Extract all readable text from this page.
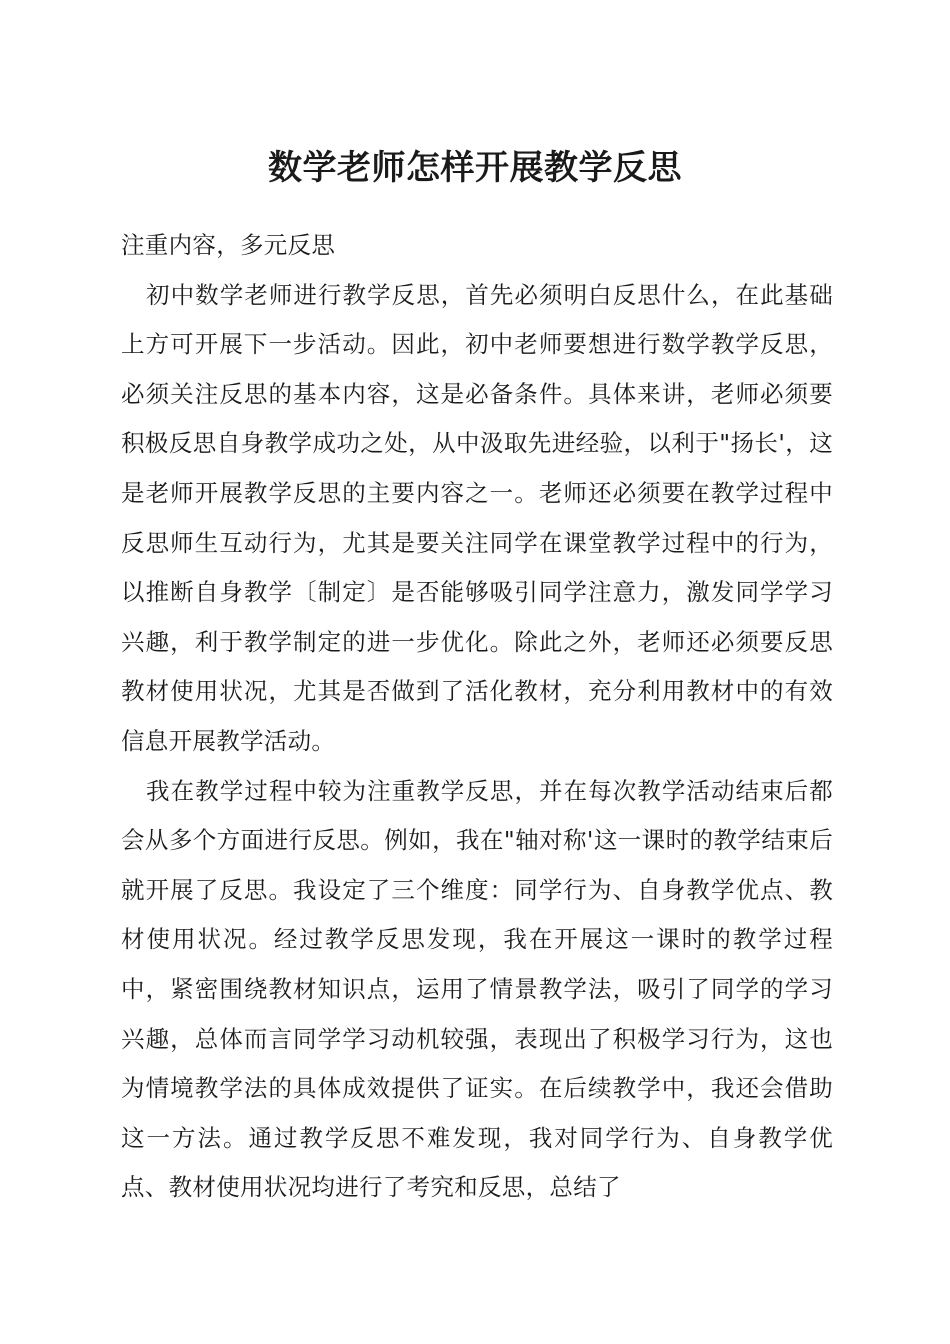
数学老师怎样开展教学反思

注重内容，多元反思

初中数学老师进行教学反思，首先必须明白反思什么，在此基础上方可开展下一步活动。因此，初中老师要想进行数学教学反思，必须关注反思的基本内容，这是必备条件。具体来讲，老师必须要积极反思自身教学成功之处，从中汲取先进经验，以利于"扬长'，这是老师开展教学反思的主要内容之一。老师还必须要在教学过程中反思师生互动行为，尤其是要关注同学在课堂教学过程中的行为，以推断自身教学〔制定〕是否能够吸引同学注意力，激发同学学习兴趣，利于教学制定的进一步优化。除此之外，老师还必须要反思教材使用状况，尤其是否做到了活化教材，充分利用教材中的有效信息开展教学活动。

我在教学过程中较为注重教学反思，并在每次教学活动结束后都会从多个方面进行反思。例如，我在"轴对称'这一课时的教学结束后就开展了反思。我设定了三个维度：同学行为、自身教学优点、教材使用状况。经过教学反思发现，我在开展这一课时的教学过程中，紧密围绕教材知识点，运用了情景教学法，吸引了同学的学习兴趣，总体而言同学学习动机较强，表现出了积极学习行为，这也为情境教学法的具体成效提供了证实。在后续教学中，我还会借助这一方法。通过教学反思不难发现，我对同学行为、自身教学优点、教材使用状况均进行了考究和反思，总结了
